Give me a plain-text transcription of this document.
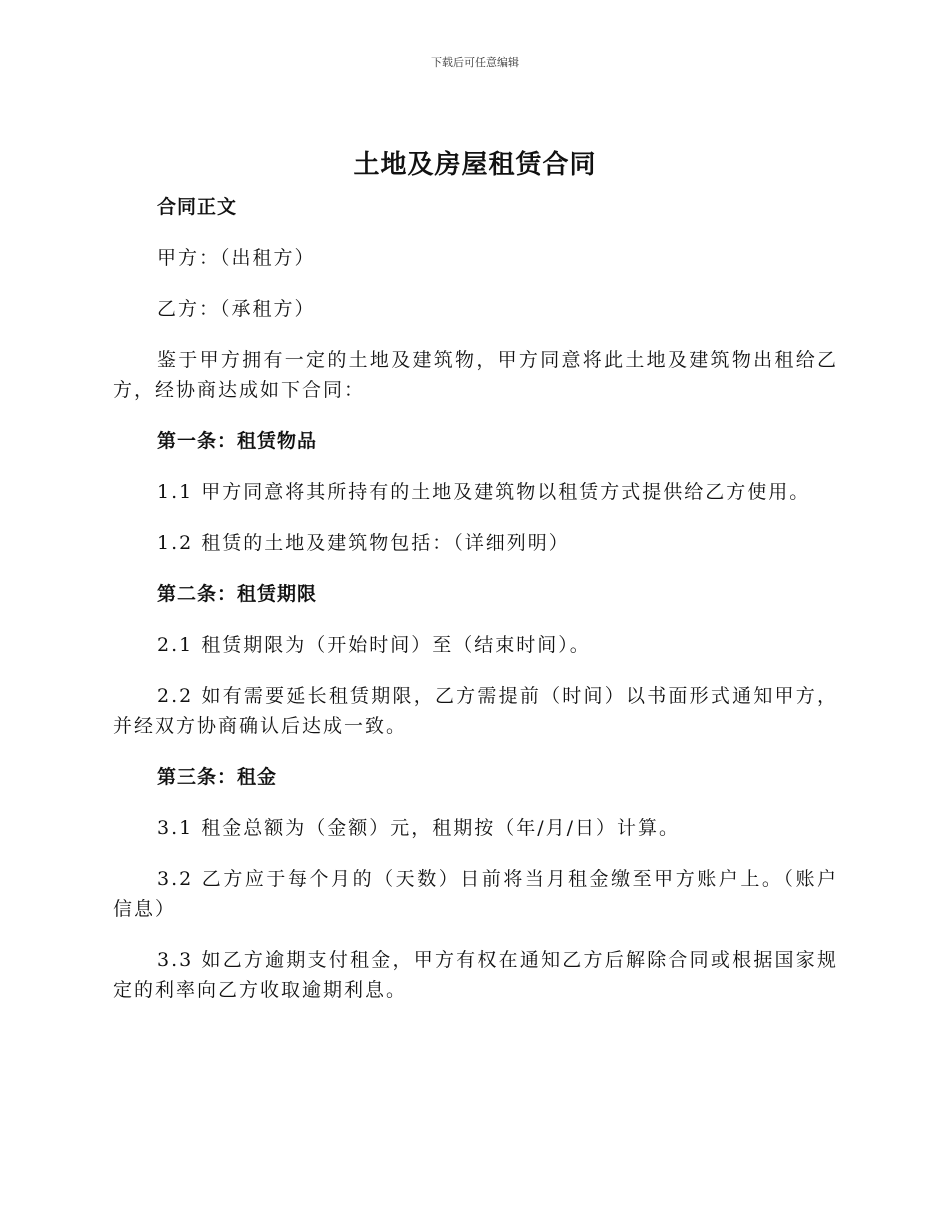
下载后可任意编辑
土地及房屋租赁合同

合同正文

甲方：（出租方）

乙方：（承租方）

鉴于甲方拥有一定的土地及建筑物，甲方同意将此土地及建筑物出租给乙方，经协商达成如下合同：

第一条：租赁物品

1.1 甲方同意将其所持有的土地及建筑物以租赁方式提供给乙方使用。

1.2 租赁的土地及建筑物包括：（详细列明）

第二条：租赁期限

2.1 租赁期限为（开始时间）至（结束时间）。

2.2 如有需要延长租赁期限，乙方需提前（时间）以书面形式通知甲方，并经双方协商确认后达成一致。

第三条：租金

3.1 租金总额为（金额）元，租期按（年/月/日）计算。

3.2 乙方应于每个月的（天数）日前将当月租金缴至甲方账户上。（账户信息）

3.3 如乙方逾期支付租金，甲方有权在通知乙方后解除合同或根据国家规定的利率向乙方收取逾期利息。
